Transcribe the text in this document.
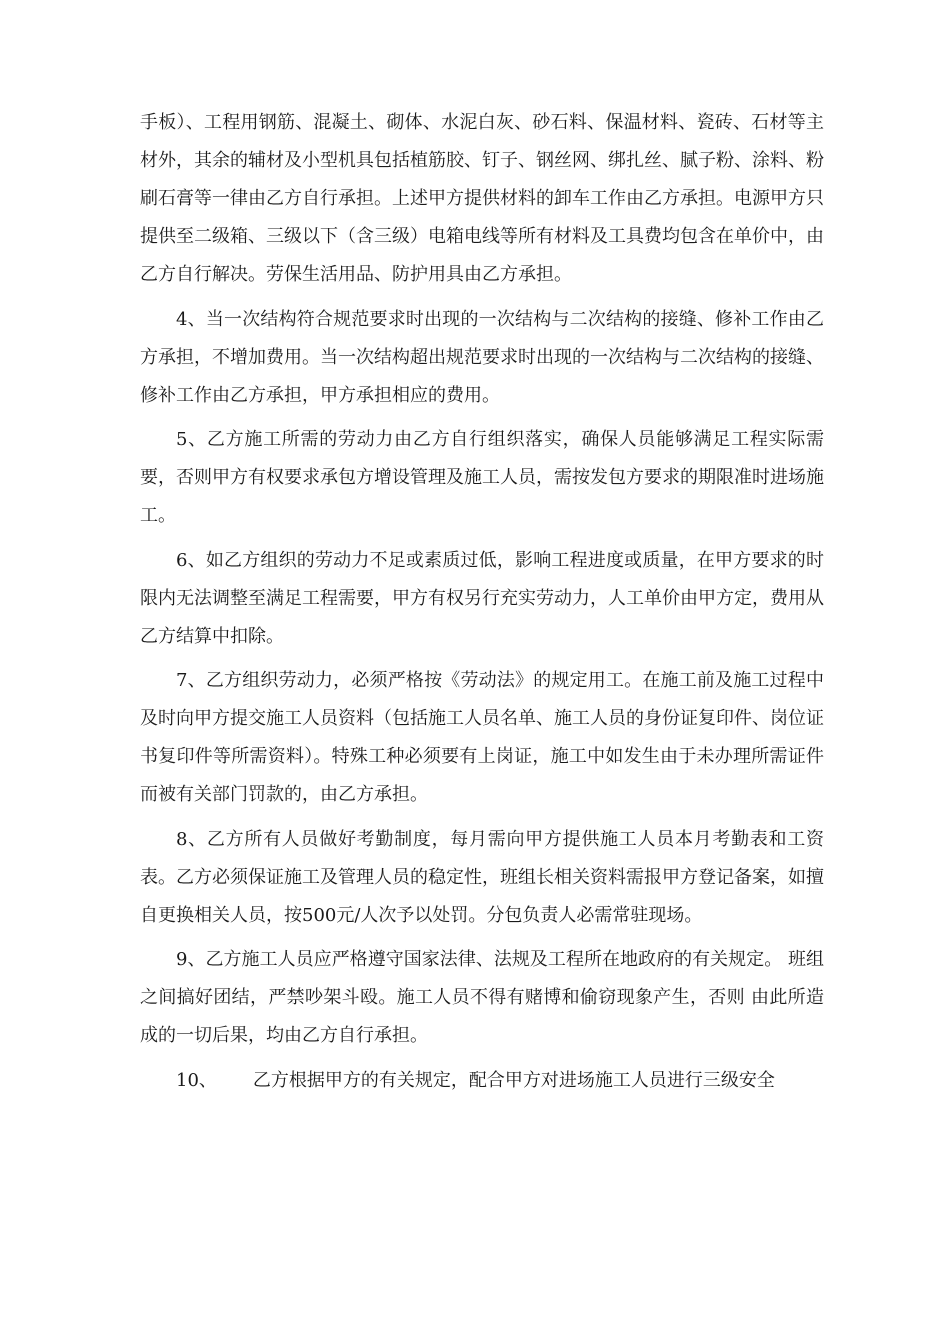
手板）、工程用钢筋、混凝土、砌体、水泥白灰、砂石料、保温材料、瓷砖、石材等主材外，其余的辅材及小型机具包括植筋胶、钉子、钢丝网、绑扎丝、腻子粉、涂料、粉刷石膏等一律由乙方自行承担。上述甲方提供材料的卸车工作由乙方承担。电源甲方只提供至二级箱、三级以下（含三级）电箱电线等所有材料及工具费均包含在单价中，由乙方自行解决。劳保生活用品、防护用具由乙方承担。

4、当一次结构符合规范要求时出现的一次结构与二次结构的接缝、修补工作由乙方承担，不增加费用。当一次结构超出规范要求时出现的一次结构与二次结构的接缝、修补工作由乙方承担，甲方承担相应的费用。

5、乙方施工所需的劳动力由乙方自行组织落实，确保人员能够满足工程实际需要，否则甲方有权要求承包方增设管理及施工人员，需按发包方要求的期限准时进场施工。

6、如乙方组织的劳动力不足或素质过低，影响工程进度或质量，在甲方要求的时限内无法调整至满足工程需要，甲方有权另行充实劳动力，人工单价由甲方定，费用从乙方结算中扣除。

7、乙方组织劳动力，必须严格按《劳动法》的规定用工。在施工前及施工过程中及时向甲方提交施工人员资料（包括施工人员名单、施工人员的身份证复印件、岗位证书复印件等所需资料）。特殊工种必须要有上岗证，施工中如发生由于未办理所需证件而被有关部门罚款的，由乙方承担。

8、乙方所有人员做好考勤制度，每月需向甲方提供施工人员本月考勤表和工资表。乙方必须保证施工及管理人员的稳定性，班组长相关资料需报甲方登记备案，如擅自更换相关人员，按500元/人次予以处罚。分包负责人必需常驻现场。

9、乙方施工人员应严格遵守国家法律、法规及工程所在地政府的有关规定。 班组之间搞好团结，严禁吵架斗殴。施工人员不得有赌博和偷窃现象产生，否则 由此所造成的一切后果，均由乙方自行承担。

10、 乙方根据甲方的有关规定，配合甲方对进场施工人员进行三级安全
